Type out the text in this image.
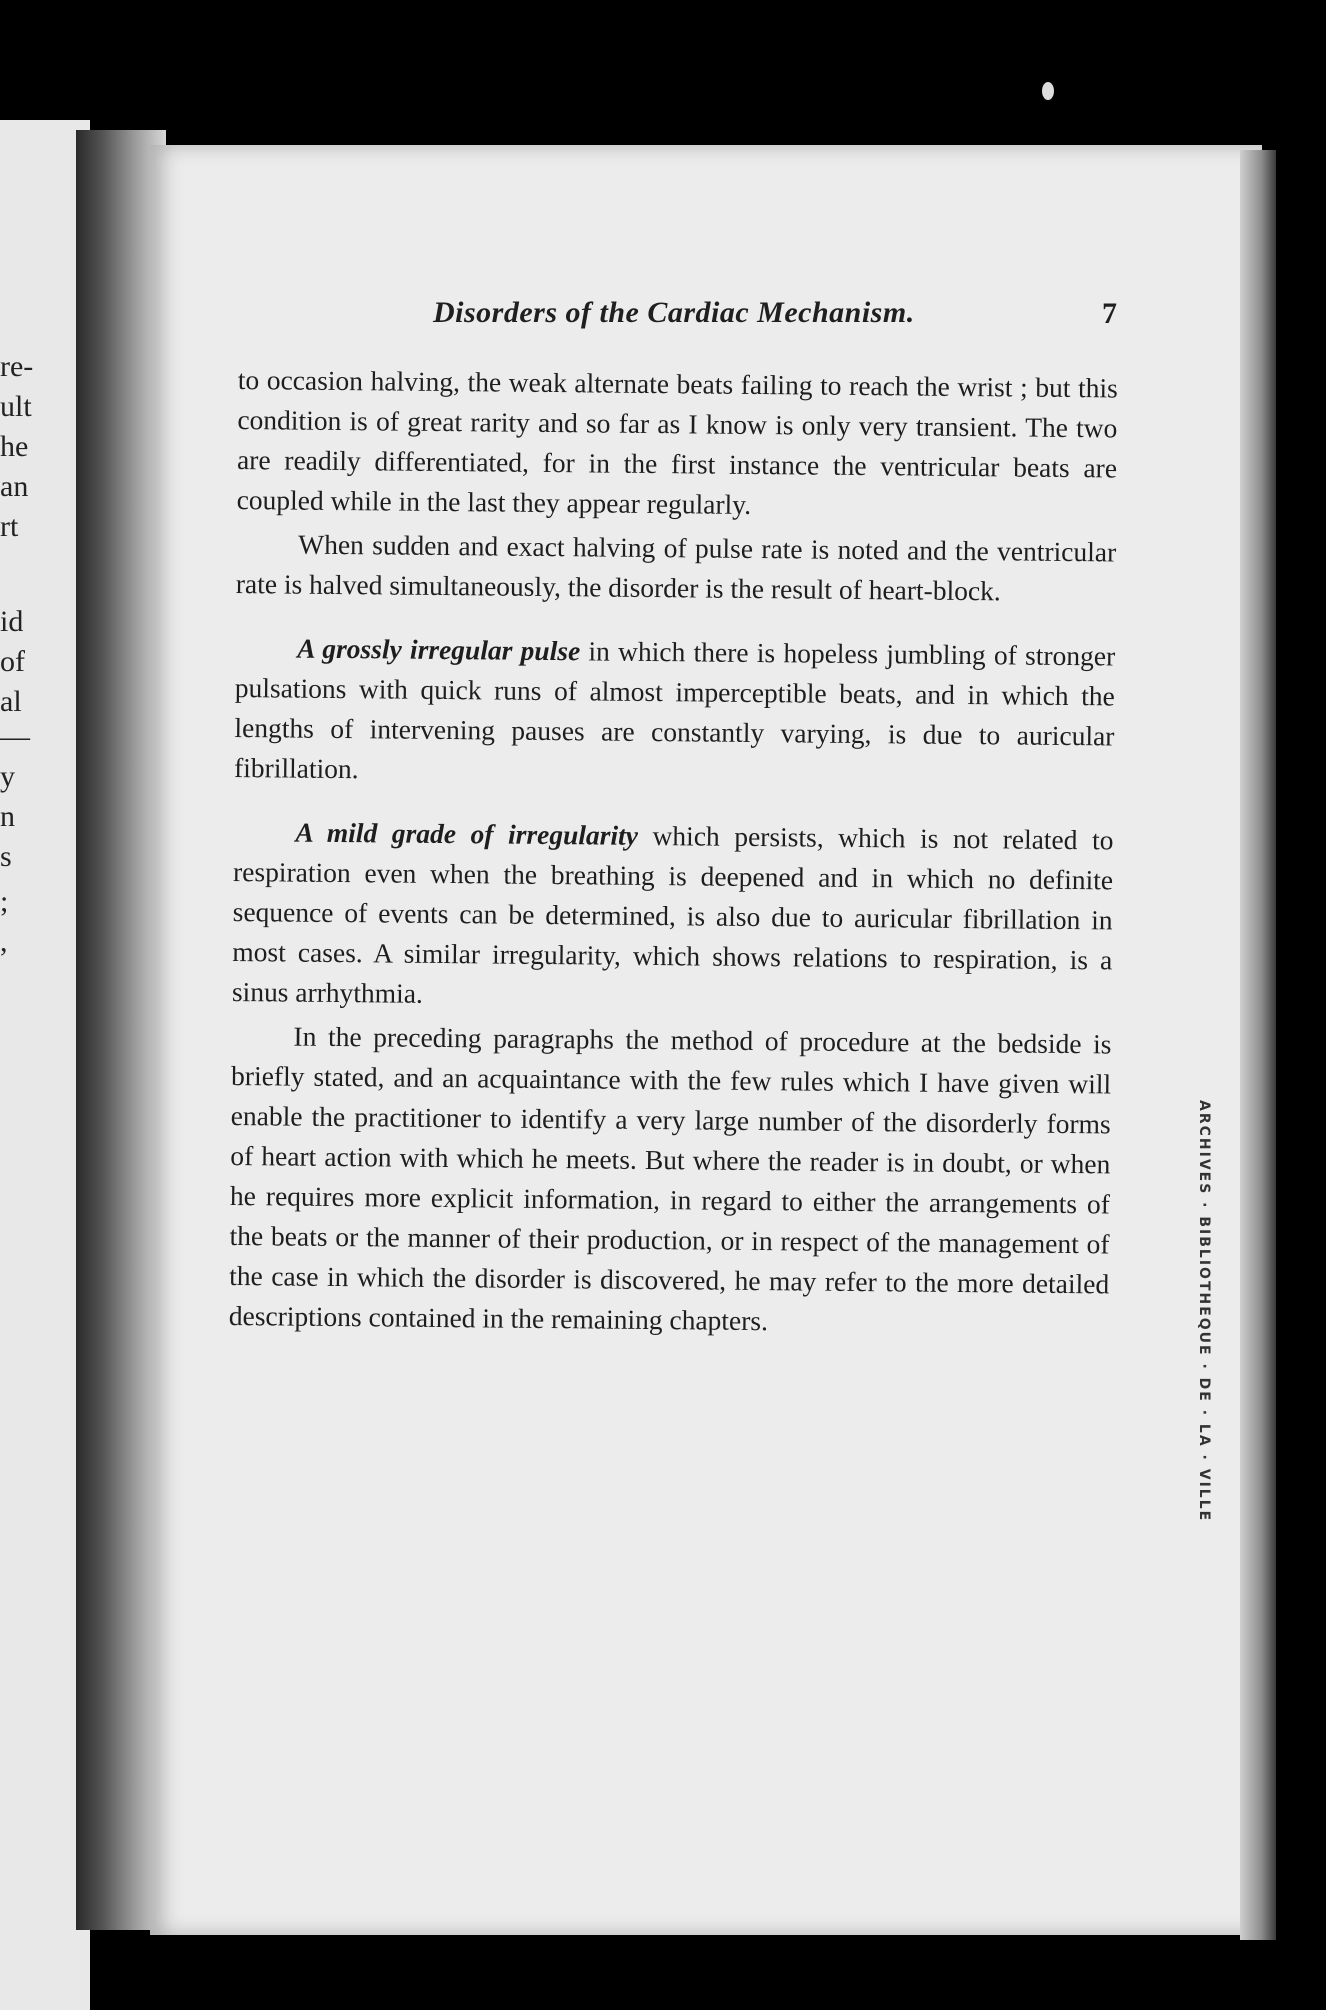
re-
ult
he
an
rt
id
of
al
—
y
n
s
;
,
ARCHIVES · BIBLIOTHEQUE · DE · LA · VILLE
Disorders of the Cardiac Mechanism.	7

to occasion halving, the weak alternate beats failing to reach the wrist ; but this condition is of great rarity and so far as I know is only very transient. The two are readily differentiated, for in the first instance the ventricular beats are coupled while in the last they appear regularly.

When sudden and exact halving of pulse rate is noted and the ventricular rate is halved simultaneously, the disorder is the result of heart-block.

A grossly irregular pulse in which there is hopeless jumbling of stronger pulsations with quick runs of almost imperceptible beats, and in which the lengths of intervening pauses are constantly varying, is due to auricular fibrillation.

A mild grade of irregularity which persists, which is not related to respiration even when the breathing is deepened and in which no definite sequence of events can be determined, is also due to auricular fibrillation in most cases. A similar irregularity, which shows relations to respiration, is a sinus arrhythmia.

In the preceding paragraphs the method of procedure at the bedside is briefly stated, and an acquaintance with the few rules which I have given will enable the practitioner to identify a very large number of the disorderly forms of heart action with which he meets. But where the reader is in doubt, or when he requires more explicit information, in regard to either the arrangements of the beats or the manner of their production, or in respect of the management of the case in which the disorder is discovered, he may refer to the more detailed descriptions contained in the remaining chapters.
